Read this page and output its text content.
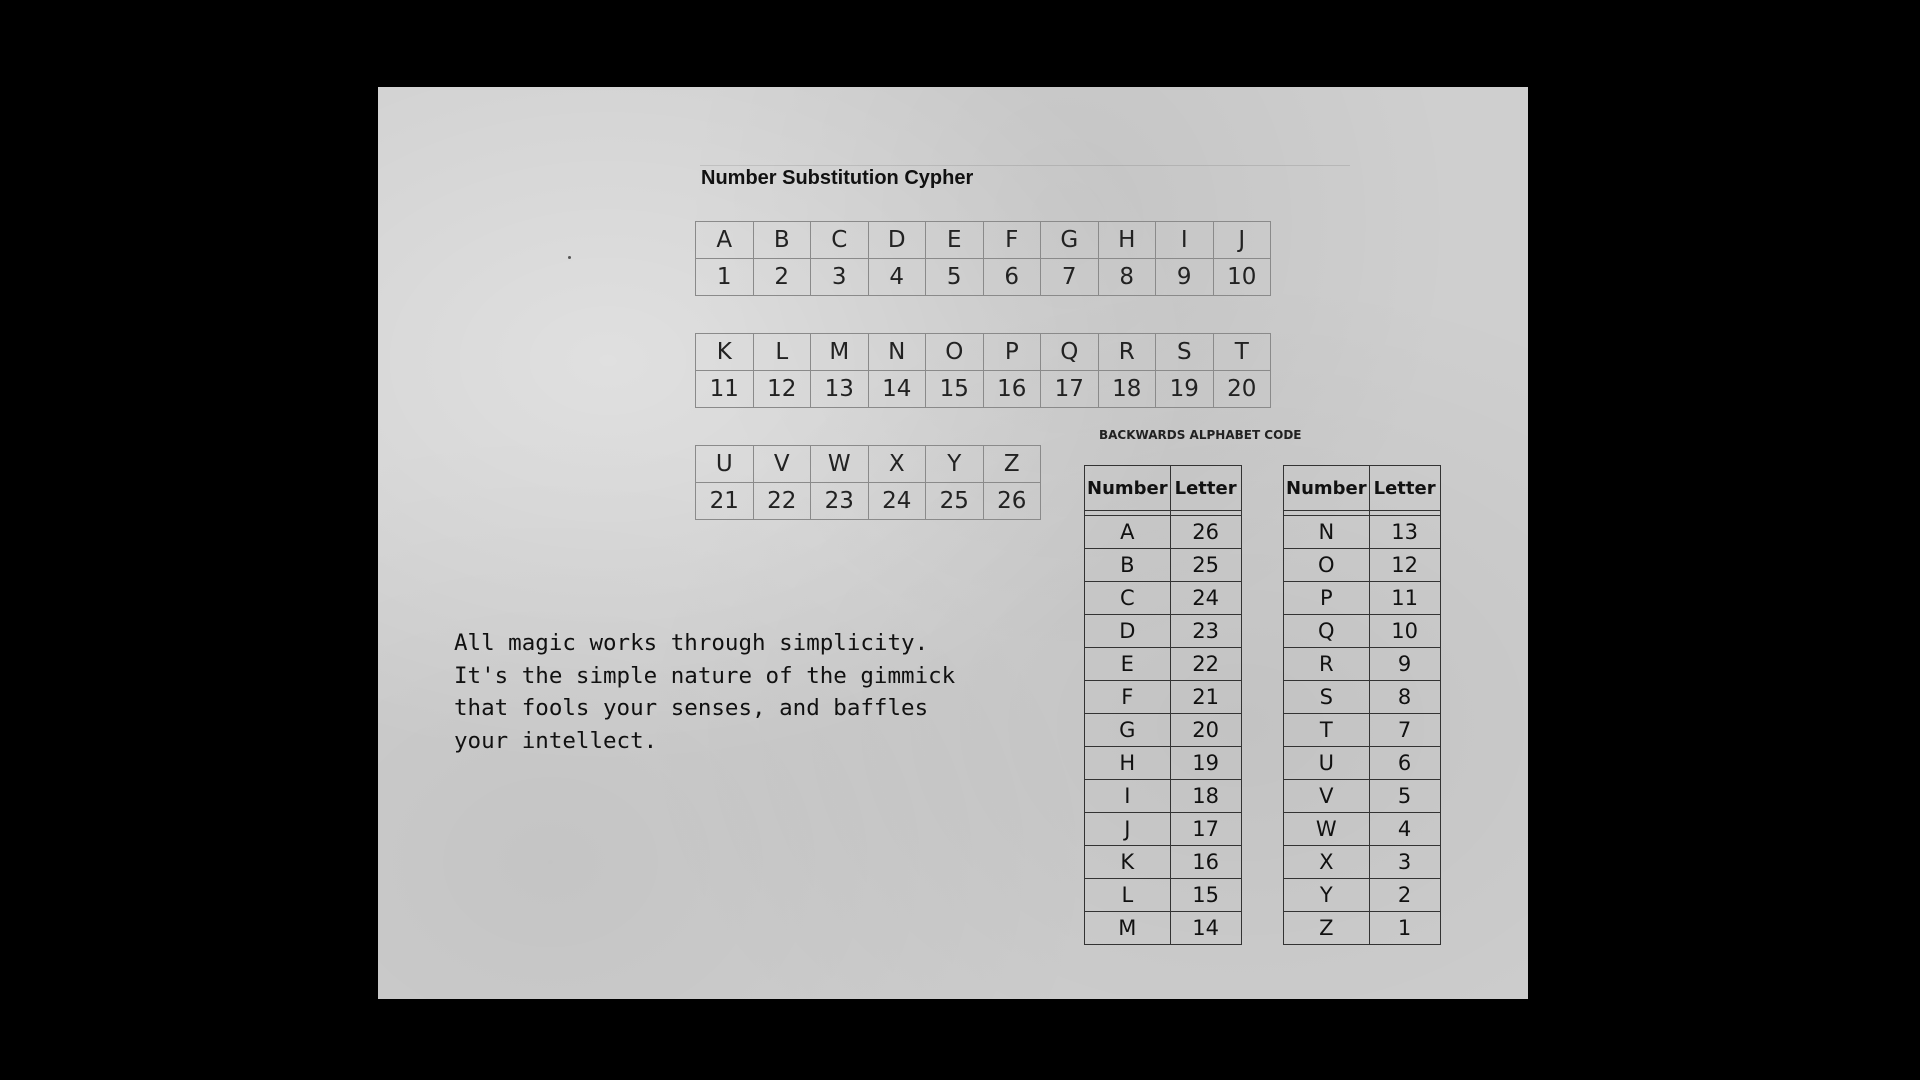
Number Substitution Cypher
A	B	C	D	E	F	G	H	I	J
1	2	3	4	5	6	7	8	9	10
K	L	M	N	O	P	Q	R	S	T
11	12	13	14	15	16	17	18	19	20
U	V	W	X	Y	Z
21	22	23	24	25	26
All magic works through simplicity.
It's the simple nature of the gimmick
that fools your senses, and baffles
your intellect.
BACKWARDS ALPHABET CODE
Number	Letter

A	26
B	25
C	24
D	23
E	22
F	21
G	20
H	19
I	18
J	17
K	16
L	15
M	14
Number	Letter

N	13
O	12
P	11
Q	10
R	9
S	8
T	7
U	6
V	5
W	4
X	3
Y	2
Z	1
